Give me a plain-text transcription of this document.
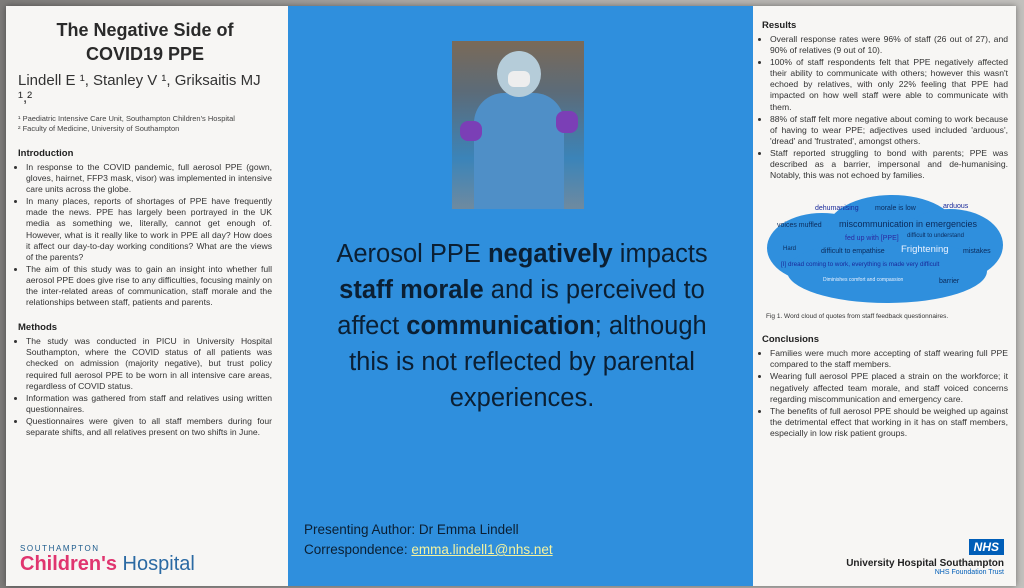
The Negative Side of
COVID19 PPE
Lindell E ¹, Stanley V ¹, Griksaitis MJ ¹,²
¹ Paediatric Intensive Care Unit, Southampton Children's Hospital
² Faculty of Medicine, University of Southampton
Introduction
• In response to the COVID pandemic, full aerosol PPE (gown, gloves, hairnet, FFP3 mask, visor) was implemented in intensive care units across the globe.
• In many places, reports of shortages of PPE have frequently made the news. PPE has largely been portrayed in the UK media as something we, literally, cannot get enough of. However, what is it really like to work in PPE all day? How does it affect our day-to-day working conditions? What are the views of the parents?
• The aim of this study was to gain an insight into whether full aerosol PPE does give rise to any difficulties, focusing mainly on the inter-related areas of communication, staff morale and the relationships between staff, patients and parents.
Methods
• The study was conducted in PICU in University Hospital Southampton, where the COVID status of all patients was checked on admission (majority negative), but trust policy required full aerosol PPE to be worn in all intensive care areas, regardless of COVID status.
• Information was gathered from staff and relatives using written questionnaires.
• Questionnaires were given to all staff members during four separate shifts, and all relatives present on two shifts in June.
SOUTHAMPTON
Children's Hospital
Aerosol PPE negatively impacts staff morale and is perceived to affect communication; although this is not reflected by parental experiences.
Presenting Author: Dr Emma Lindell
Correspondence: emma.lindell1@nhs.net
Results
• Overall response rates were 96% of staff (26 out of 27), and 90% of relatives (9 out of 10).
• 100% of staff respondents felt that PPE negatively affected their ability to communicate with others; however this wasn't echoed by relatives, with only 22% feeling that PPE had impacted on how well staff were able to communicate with them.
• 88% of staff felt more negative about coming to work because of having to wear PPE; adjectives used included 'arduous', 'dread' and 'frustrated', amongst others.
• Staff reported struggling to bond with parents; PPE was described as a barrier, impersonal and de-humanising. Notably, this was not echoed by families.
dehumanising morale is low	arduous
voices muffled miscommunication in emergencies
difficult to understand
fed up with [PPE]
Hard	difficult to empathise Frightening mistakes
[I] dread coming to work, everything is made very difficult
Diminishes comfort and compassion	barrier
Fig 1. Word cloud of quotes from staff feedback questionnaires.
Conclusions
• Families were much more accepting of staff wearing full PPE compared to the staff members.
• Wearing full aerosol PPE placed a strain on the workforce; it negatively affected team morale, and staff voiced concerns regarding miscommunication and emergency care.
• The benefits of full aerosol PPE should be weighed up against the detrimental effect that working in it has on staff members, especially in low risk patient groups.
NHS
University Hospital Southampton
NHS Foundation Trust
